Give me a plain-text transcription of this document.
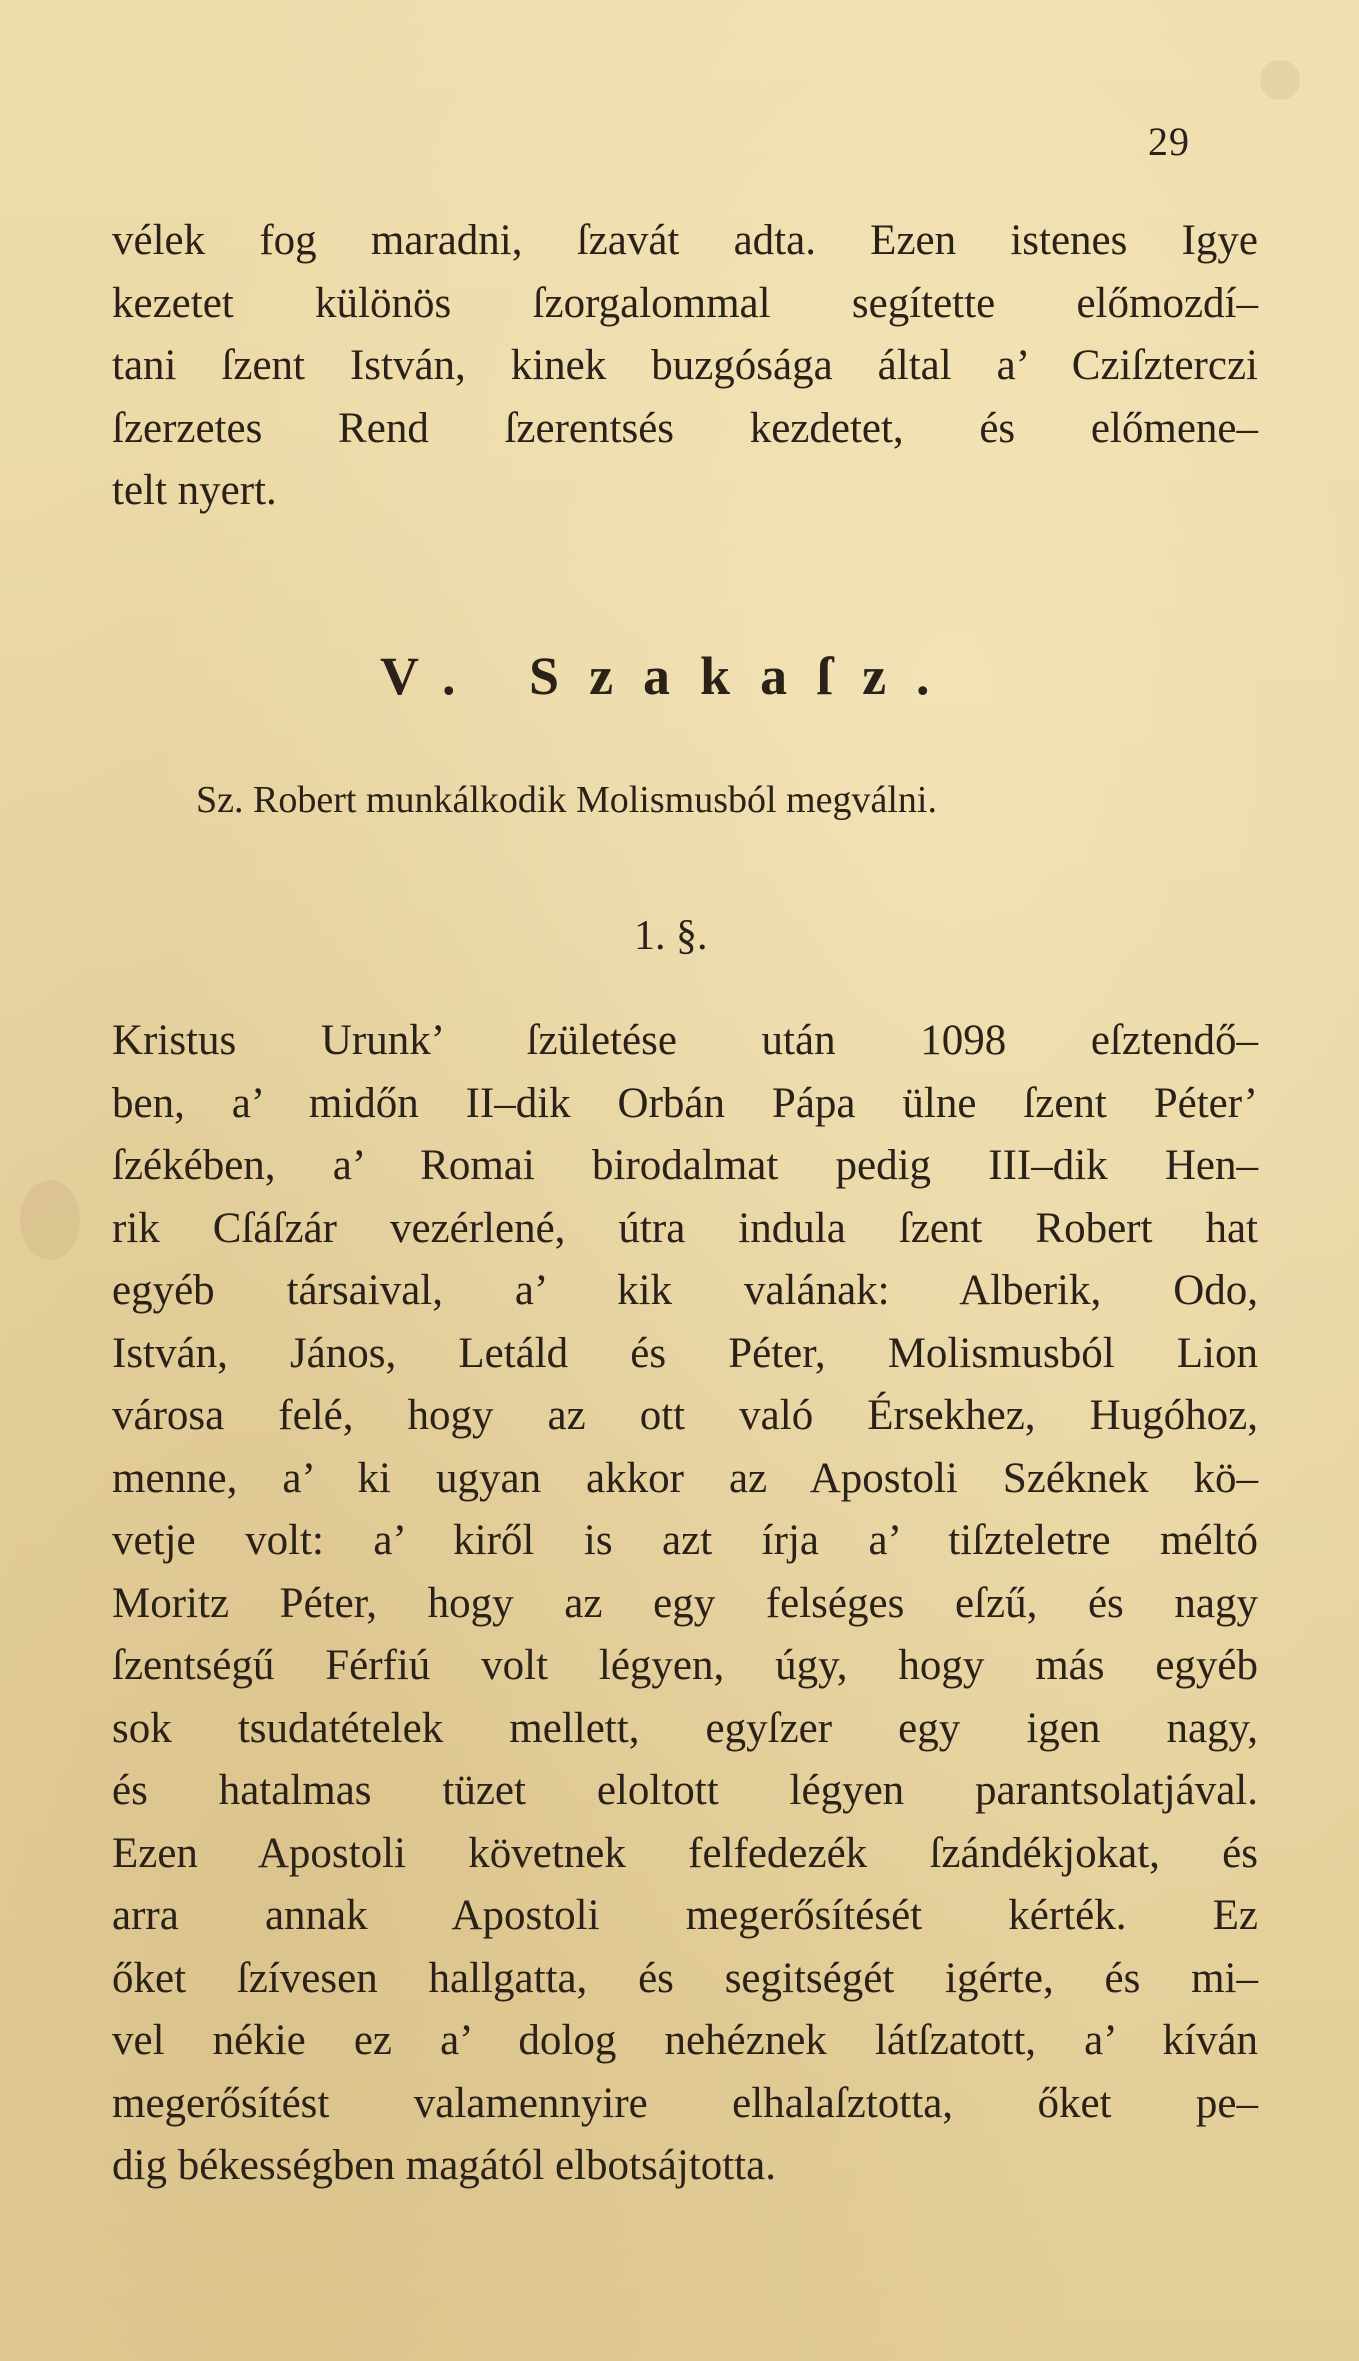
29
vélek fog maradni, ſzavát adta. Ezen istenes Igye
kezetet különös ſzorgalommal segítette előmozdí–
tani ſzent István, kinek buzgósága által a’ Cziſzterczi
ſzerzetes Rend ſzerentsés kezdetet, és előmene–
telt nyert.
V. Szakaſz.
Sz. Robert munkálkodik Molismusból megválni.
1. §.
Kristus Urunk’ ſzületése után 1098 eſztendő–
ben, a’ midőn II–dik Orbán Pápa ülne ſzent Péter’
ſzékében, a’ Romai birodalmat pedig III–dik Hen–
rik Cſáſzár vezérlené, útra indula ſzent Robert hat
egyéb társaival, a’ kik valának: Alberik, Odo,
István, János, Letáld és Péter, Molismusból Lion
városa felé, hogy az ott való Érsekhez, Hugóhoz,
menne, a’ ki ugyan akkor az Apostoli Széknek kö–
vetje volt: a’ kiről is azt írja a’ tiſzteletre méltó
Moritz Péter, hogy az egy felséges eſzű, és nagy
ſzentségű Férfiú volt légyen, úgy, hogy más egyéb
sok tsudatételek mellett, egyſzer egy igen nagy,
és hatalmas tüzet eloltott légyen parantsolatjával.
Ezen Apostoli követnek felfedezék ſzándékjokat, és
arra annak Apostoli megerősítését kérték. Ez
őket ſzívesen hallgatta, és segitségét igérte, és mi–
vel nékie ez a’ dolog nehéznek látſzatott, a’ kíván
megerősítést valamennyire elhalaſztotta, őket pe–
dig békességben magától elbotsájtotta.
